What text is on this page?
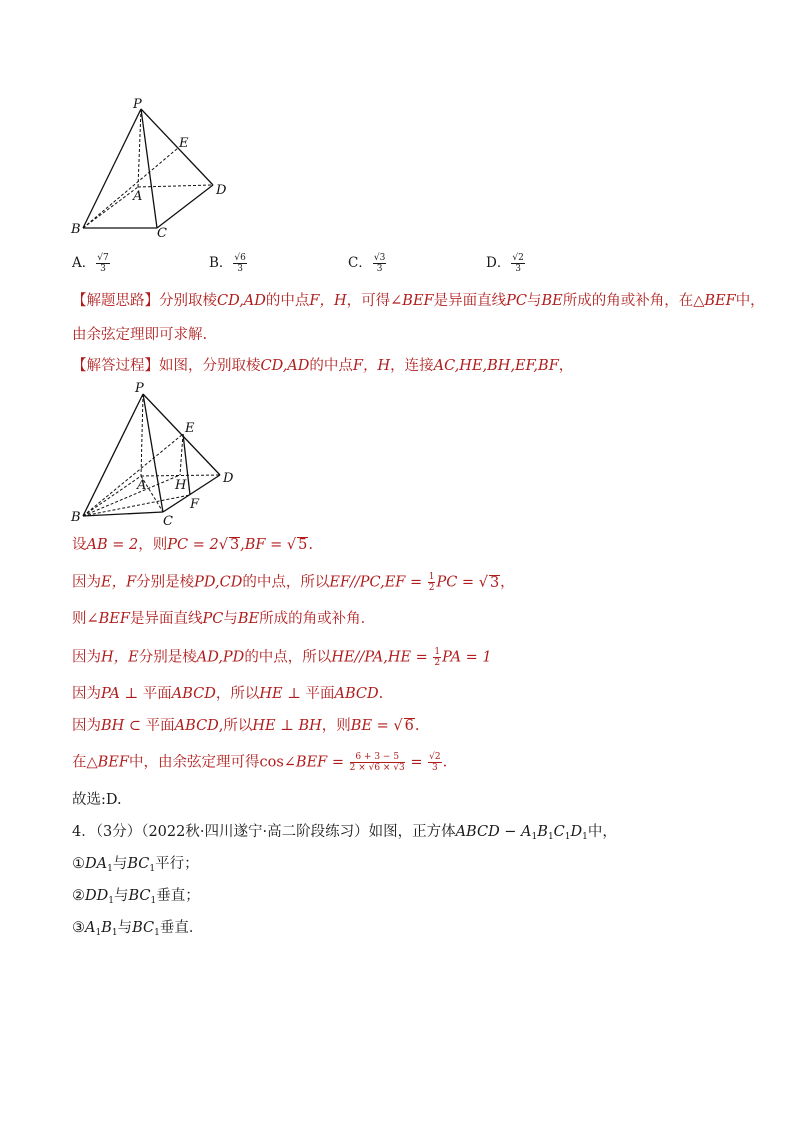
P
E
D
A
B	C
A． $\frac{√7}{3}$	B． $\frac{√6}{3}$	C． $\frac{√3}{3}$	D． $\frac{√2}{3}$
【解题思路】分别取棱CD,AD的中点F，H，可得∠BEF是异面直线PC与BE所成的角或补角，在△BEF中，
由余弦定理即可求解.
【解答过程】如图，分别取棱CD,AD的中点F，H，连接AC,HE,BH,EF,BF，
P
E
D
A H
F
B	C
设AB = 2，则PC = 2√ 3,BF = √ 5.
因为E，F分别是棱PD,CD的中点，所以$EF//PC,EF = \frac{1}{2}$ PC = √ 3，
则∠BEF是异面直线PC与BE所成的角或补角．
因为H，E分别是棱AD,PD的中点，所以$HE//PA,HE = \frac{1}{2}$ PA = 1
因为PA ⊥ 平面ABCD，所以HE ⊥ 平面ABCD.
因为BH ⊂ 平面ABCD,所以HE ⊥ BH，则BE = √ 6.
在△BEF中，由余弦定理可得cos∠BEF = $\frac{6 + 3 - 5}{2 \times √6 \times √3} = \frac{√2}{3}$ .
故选:D.
4．（3分）（2022秋·四川遂宁·高二阶段练习）如图，正方体ABCD − $A_1B_1C_1D_1$中，
$①DA_1$与$BC_1$平行；
$②DD_1$与$BC_1$垂直；
$③A_1B_1$与$BC_1$垂直．
